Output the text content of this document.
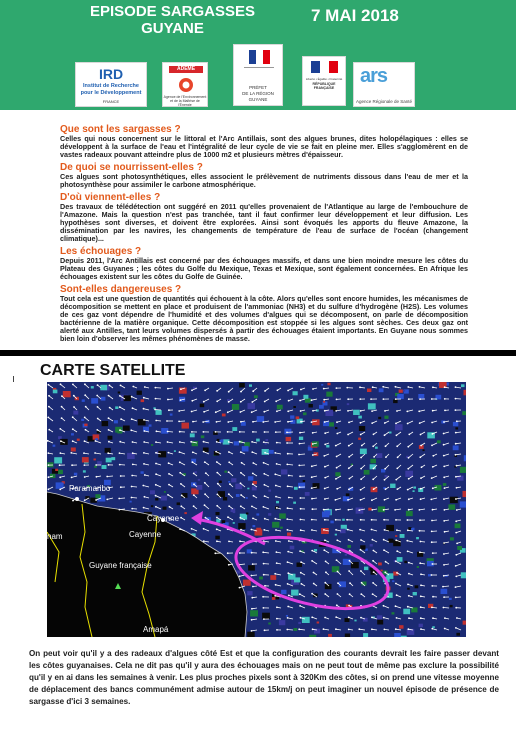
EPISODE SARGASSES
GUYANE
7 MAI 2018
IRD
Institut de Recherche
pour le Développement
FRANCE
ADEME
Agence de l'Environnement
et de la Maîtrise de l'Énergie
PRÉFET
DE LA RÉGION
GUYANE
Liberté • Égalité • Fraternité
RÉPUBLIQUE FRANÇAISE
ars
Agence Régionale de Santé

Que sont les sargasses ?

Celles qui nous concernent sur le littoral et l'Arc Antillais, sont des algues brunes, dites holopélagiques : elles se développent à la surface de l'eau et l'intégralité de leur cycle de vie se fait en pleine mer. Elles s'agglomèrent en de vastes radeaux pouvant atteindre plus de 1000 m2 et plusieurs mètres d'épaisseur.

De quoi se nourrissent-elles ?

Ces algues sont photosynthétiques, elles associent le prélèvement de nutriments dissous dans l'eau de mer et la photosynthèse pour assimiler le carbone atmosphérique.

D'où viennent-elles ?

Des travaux de télédétection ont suggéré en 2011 qu'elles provenaient de l'Atlantique au large de l'embouchure de l'Amazone. Mais la question n'est pas tranchée, tant il faut confirmer leur développement et leur diffusion. Les hypothèses sont diverses, et doivent être explorées. Ainsi sont évoqués les apports du fleuve Amazone, la dissémination par les navires, les changements de température de l'eau de surface de l'océan (changement climatique)...

Les échouages ?

Depuis 2011, l'Arc Antillais est concerné par des échouages massifs, et dans une bien moindre mesure les côtes du Plateau des Guyanes ; les côtes du Golfe du Mexique, Texas et Mexique, sont également concernées. En Afrique les échouages existent sur les côtes du Golfe de Guinée.

Sont-elles dangereuses ?

Tout cela est une question de quantités qui échouent à la côte. Alors qu'elles sont encore humides, les mécanismes de décomposition se mettent en place et produisent de l'ammoniac (NH3) et du sulfure d'hydrogène (H2S). Les volumes de ces gaz vont dépendre de l'humidité et des volumes d'algues qui se décomposent, on parle de décomposition bactérienne de la matière organique. Cette décomposition est stoppée si les algues sont sèches. Ces deux gaz ont alerté aux Antilles, tant leurs volumes dispersés à partir des échouages étaient importants. En Guyane nous sommes bien loin d'observer les mêmes phénomènes de masse.

CARTE SATELLITE
Paramaribo
Cayenne
Cayenne
nam
Guyane française
Amapá

On peut voir qu'il y a des radeaux d'algues côté Est et que la configuration des courants devrait les faire passer devant les côtes guyanaises. Cela ne dit pas qu'il y aura des échouages mais on ne peut tout de même pas exclure la possibilité qu'il y en ai dans les semaines à venir. Les plus proches pixels sont à 320Km des côtes, si on prend une vitesse moyenne de déplacement des bancs communément admise autour de 15km/j on peut imaginer un nouvel épisode de présence de sargasse d'ici 3 semaines.
